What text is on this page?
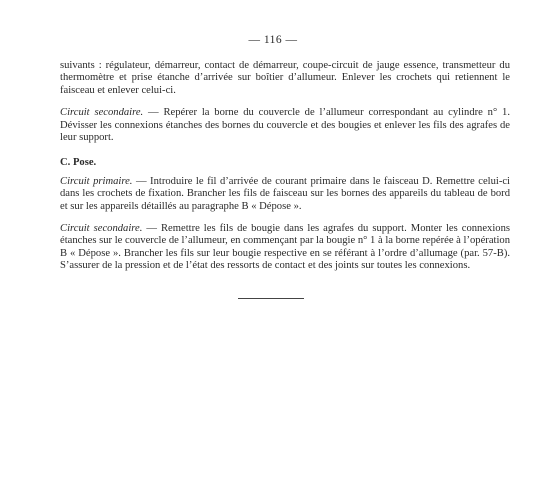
— 116 —

suivants : régulateur, démarreur, contact de démarreur, coupe-circuit de jauge essence, transmetteur du thermomètre et prise étanche d’arrivée sur boîtier d’allumeur. Enlever les crochets qui retiennent le faisceau et enlever celui-ci.

Circuit secondaire. — Repérer la borne du couvercle de l’allumeur correspondant au cylindre n° 1. Dévisser les connexions étanches des bornes du couvercle et des bougies et enlever les fils des agrafes de leur support.

C. Pose.

Circuit primaire. — Introduire le fil d’arrivée de courant primaire dans le faisceau D. Remettre celui-ci dans les crochets de fixation. Brancher les fils de faisceau sur les bornes des appareils du tableau de bord et sur les appareils détaillés au paragraphe B « Dépose ».

Circuit secondaire. — Remettre les fils de bougie dans les agrafes du support. Monter les connexions étanches sur le couvercle de l’allumeur, en commençant par la bougie n° 1 à la borne repérée à l’opération B « Dépose ». Brancher les fils sur leur bougie respective en se référant à l’ordre d’allumage (par. 57-B). S’assurer de la pression et de l’état des ressorts de contact et des joints sur toutes les connexions.
